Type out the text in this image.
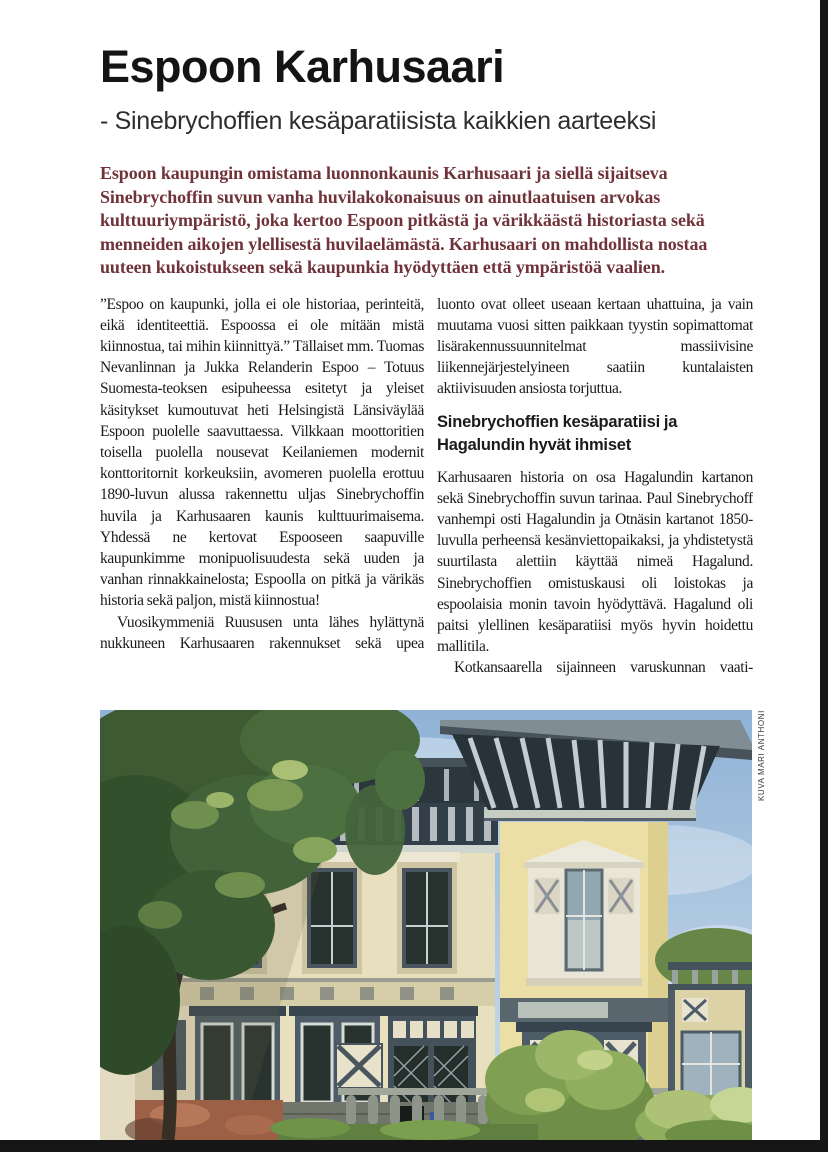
Espoon Karhusaari
- Sinebrychoffien kesäparatiisista kaikkien aarteeksi

Espoon kaupungin omistama luonnonkaunis Karhusaari ja siellä sijaitseva Sinebrychoffin suvun vanha huvilakokonaisuus on ainutlaatuisen arvokas kulttuuriympäristö, joka kertoo Espoon pitkästä ja värikkäästä historiasta sekä menneiden aikojen ylellisestä huvilaelämästä. Karhusaari on mahdollista nostaa uuteen kukoistukseen sekä kaupunkia hyödyttäen että ympäristöä vaalien.

”Espoo on kaupunki, jolla ei ole historiaa, perinteitä, eikä identiteettiä. Espoossa ei ole mitään mistä kiinnostua, tai mihin kiinnittyä.” Tällaiset mm. Tuomas Nevanlinnan ja Jukka Relanderin Espoo – Totuus Suomesta-teoksen esipuheessa esitetyt ja yleiset käsitykset kumoutuvat heti Helsingistä Länsiväylää Espoon puolelle saavuttaessa. Vilkkaan moottoritien toisella puolella nousevat Keilaniemen modernit konttoritornit korkeuksiin, avomeren puolella erottuu 1890-luvun alussa rakennettu uljas Sinebrychoffin huvila ja Karhusaaren kaunis kulttuurimaisema. Yhdessä ne kertovat Espooseen saapuville kaupunkimme monipuolisuudesta sekä uuden ja vanhan rinnakkainelosta; Espoolla on pitkä ja värikäs historia sekä paljon, mistä kiinnostua!

Vuosikymmeniä Ruususen unta lähes hylättynä nukkuneen Karhusaaren rakennukset sekä upea

luonto ovat olleet useaan kertaan uhattuina, ja vain muutama vuosi sitten paikkaan tyystin sopimattomat lisärakennussuunnitelmat massiivisine liikennejärjestelyineen saatiin kuntalaisten aktiivisuuden ansiosta torjuttua.

Sinebrychoffien kesäparatiisi ja
Hagalundin hyvät ihmiset

Karhusaaren historia on osa Hagalundin kartanon sekä Sinebrychoffin suvun tarinaa. Paul Sinebrychoff vanhempi osti Hagalundin ja Otnäsin kartanot 1850-luvulla perheensä kesänviettopaikaksi, ja yhdistetystä suurtilasta alettiin käyttää nimeä Hagalund. Sinebrychoffien omistuskausi oli loistokas ja espoolaisia monin tavoin hyödyttävä. Hagalund oli paitsi ylellinen kesäparatiisi myös hyvin hoidettu mallitila.

Kotkansaarella sijainneen varuskunnan vaati-

KUVA MARI ANTHONI
